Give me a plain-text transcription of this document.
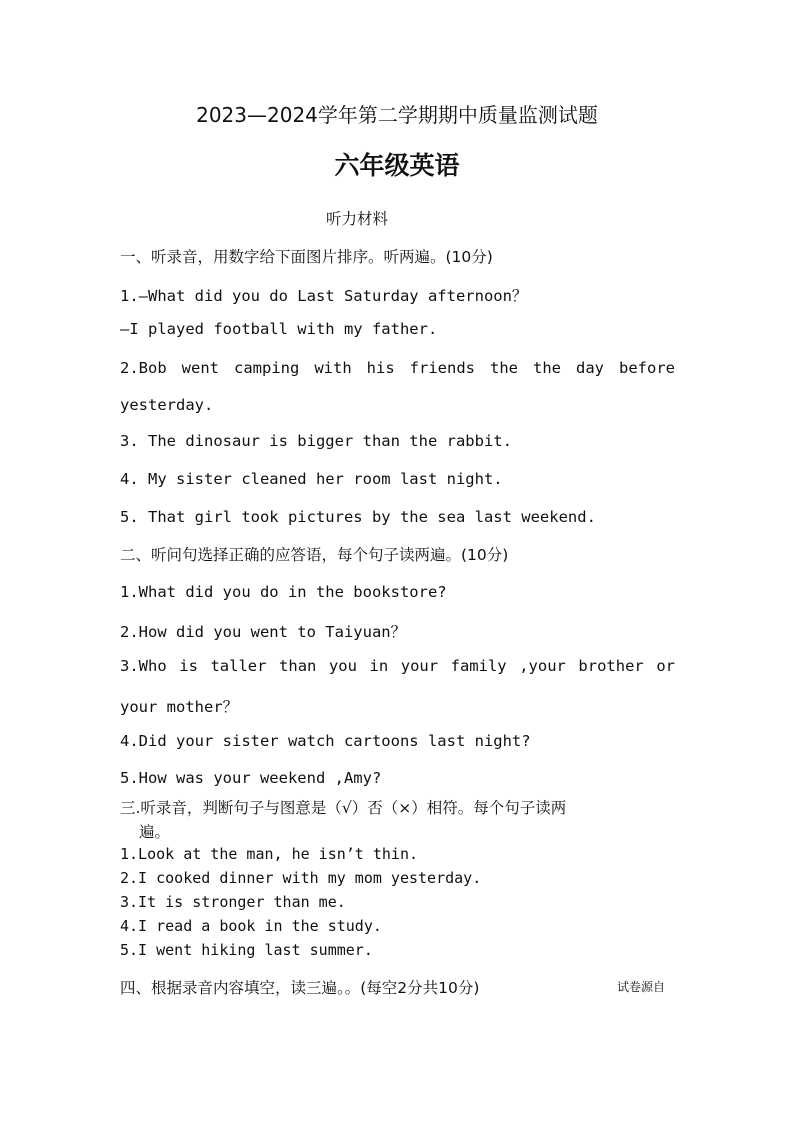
2023—2024学年第二学期期中质量监测试题
六年级英语
听力材料
一、听录音，用数字给下面图片排序。听两遍。(10分)
1.—What did you do Last Saturday afternoon？
—I played football with my father.
2.Bob went camping with his friends the the day before
yesterday.
3. The dinosaur is bigger than the rabbit.
4. My sister cleaned her room last night.
5. That girl took pictures by the sea last weekend.
二、听问句选择正确的应答语，每个句子读两遍。(10分)
1.What did you do in the bookstore?
2.How did you went to Taiyuan？
3.Who is taller than you in your family ,your brother or
your mother？
4.Did your sister watch cartoons last night?
5.How was your weekend ,Amy?
三.听录音，判断句子与图意是（√）否（×）相符。每个句子读两
遍。
1.Look at the man, he isn’t thin.
2.I cooked dinner with my mom yesterday.
3.It is stronger than me.
4.I read a book in the study.
5.I went hiking last summer.
四、根据录音内容填空，读三遍。。(每空2分共10分)	试卷源自
